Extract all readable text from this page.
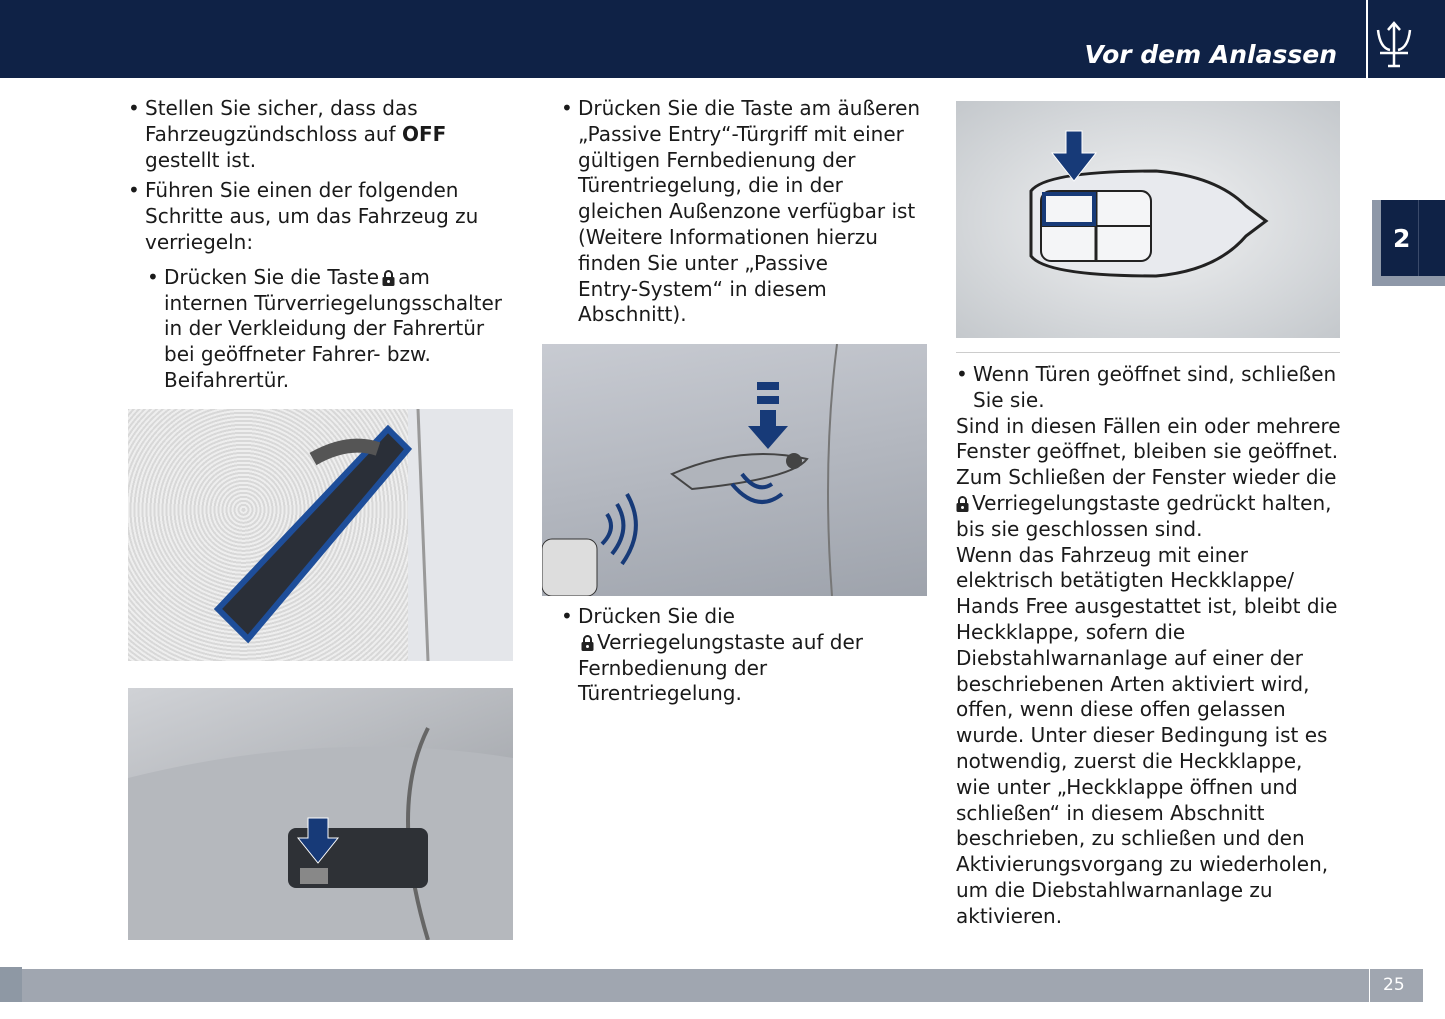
Vor dem Anlassen
2

• Stellen Sie sicher, dass das
Fahrzeugzündschloss auf OFF
gestellt ist.

• Führen Sie einen der folgenden
Schritte aus, um das Fahrzeug zu
verriegeln:

• Drücken Sie die Taste am
internen Türverriegelungsschalter
in der Verkleidung der Fahrertür
bei geöffneter Fahrer- bzw.
Beifahrertür.

• Drücken Sie die Taste am äußeren
„Passive Entry“-Türgriff mit einer
gültigen Fernbedienung der
Türentriegelung, die in der
gleichen Außenzone verfügbar ist
(Weitere Informationen hierzu
finden Sie unter „Passive
Entry-System“ in diesem
Abschnitt).

• Drücken Sie die
Verriegelungstaste auf der
Fernbedienung der
Türentriegelung.

• Wenn Türen geöffnet sind, schließen
Sie sie.

Sind in diesen Fällen ein oder mehrere
Fenster geöffnet, bleiben sie geöffnet.
Zum Schließen der Fenster wieder die
Verriegelungstaste gedrückt halten,
bis sie geschlossen sind.

Wenn das Fahrzeug mit einer
elektrisch betätigten Heckklappe/
Hands Free ausgestattet ist, bleibt die
Heckklappe, sofern die
Diebstahlwarnanlage auf einer der
beschriebenen Arten aktiviert wird,
offen, wenn diese offen gelassen
wurde. Unter dieser Bedingung ist es
notwendig, zuerst die Heckklappe,
wie unter „Heckklappe öffnen und
schließen“ in diesem Abschnitt
beschrieben, zu schließen und den
Aktivierungsvorgang zu wiederholen,
um die Diebstahlwarnanlage zu
aktivieren.

25
